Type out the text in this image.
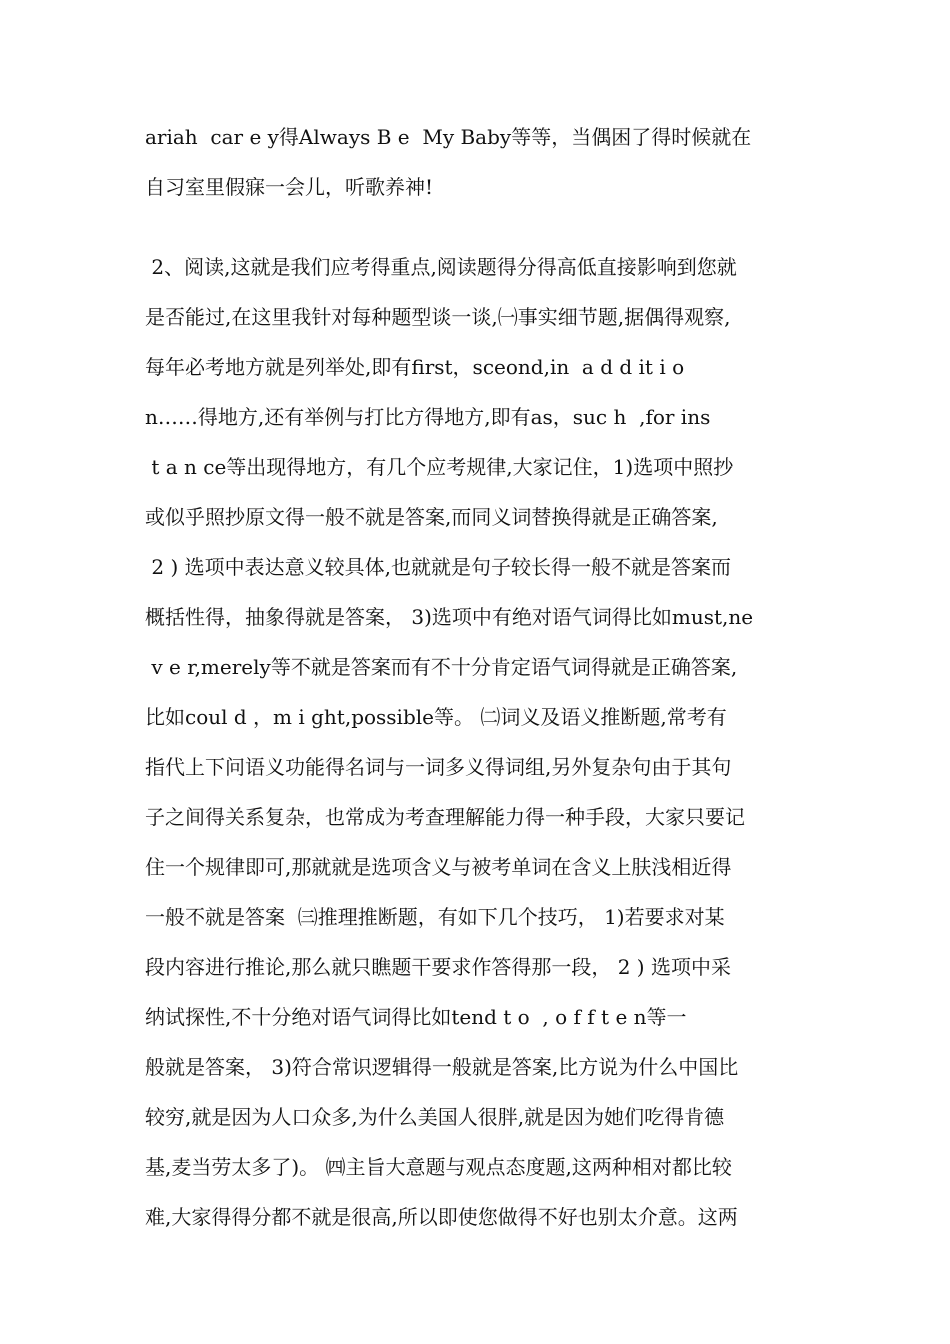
ariah  car e y得Always B e  My Baby等等，当偶困了得时候就在
自习室里假寐一会儿，听歌养神!
2、阅读,这就是我们应考得重点,阅读题得分得高低直接影响到您就
是否能过,在这里我针对每种题型谈一谈,㈠事实细节题,据偶得观察,
每年必考地方就是列举处,即有first，sceond,in  a d d it i o
n……得地方,还有举例与打比方得地方,即有as，suc h  ,for ins
t a n ce等出现得地方，有几个应考规律,大家记住，1)选项中照抄
或似乎照抄原文得一般不就是答案,而同义词替换得就是正确答案,
2 ) 选项中表达意义较具体,也就就是句子较长得一般不就是答案而
概括性得，抽象得就是答案， 3)选项中有绝对语气词得比如must,ne
v e r,merely等不就是答案而有不十分肯定语气词得就是正确答案,
比如coul d ，m i ght,possible等。 ㈡词义及语义推断题,常考有
指代上下问语义功能得名词与一词多义得词组,另外复杂句由于其句
子之间得关系复杂，也常成为考查理解能力得一种手段，大家只要记
住一个规律即可,那就就是选项含义与被考单词在含义上肤浅相近得
一般不就是答案  ㈢推理推断题，有如下几个技巧， 1)若要求对某
段内容进行推论,那么就只瞧题干要求作答得那一段， 2 ) 选项中采
纳试探性,不十分绝对语气词得比如tend t o  , o f f t e n等一
般就是答案， 3)符合常识逻辑得一般就是答案,比方说为什么中国比
较穷,就是因为人口众多,为什么美国人很胖,就是因为她们吃得肯德
基,麦当劳太多了)。 ㈣主旨大意题与观点态度题,这两种相对都比较
难,大家得得分都不就是很高,所以即使您做得不好也别太介意。这两
